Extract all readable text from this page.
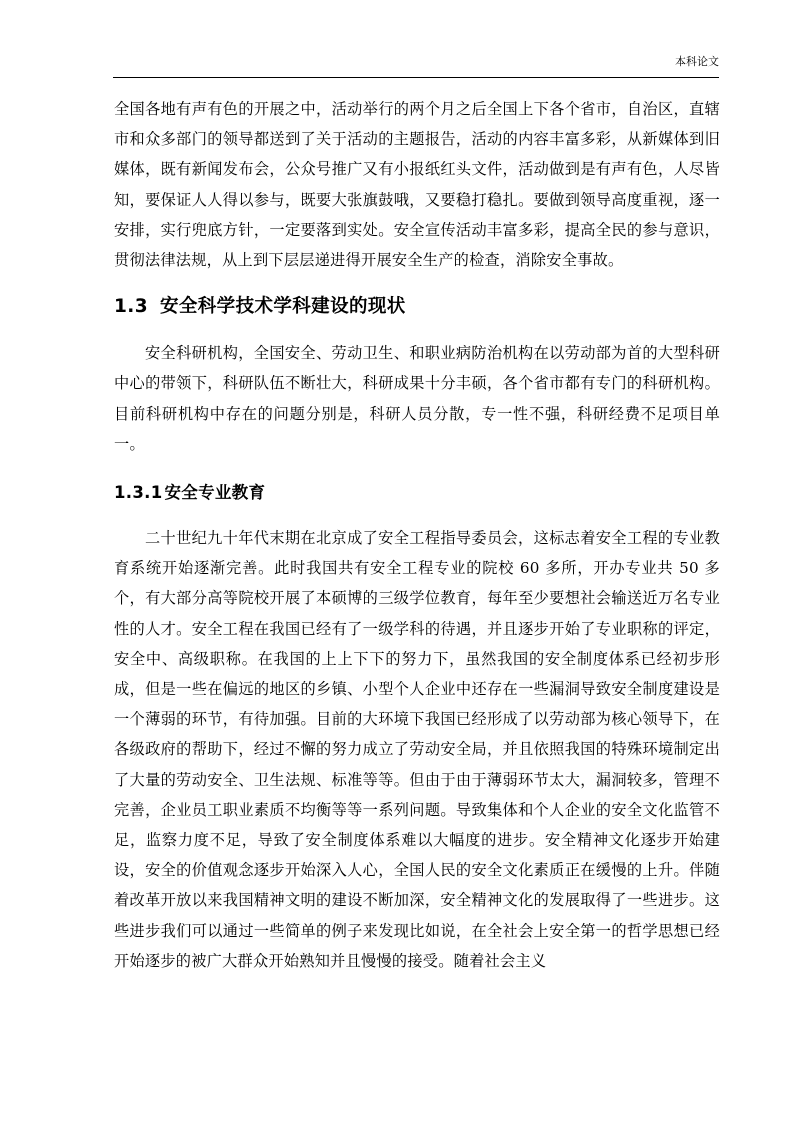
本科论文

全国各地有声有色的开展之中，活动举行的两个月之后全国上下各个省市，自治区，直辖市和众多部门的领导都送到了关于活动的主题报告，活动的内容丰富多彩，从新媒体到旧媒体，既有新闻发布会，公众号推广又有小报纸红头文件，活动做到是有声有色，人尽皆知，要保证人人得以参与，既要大张旗鼓哦，又要稳打稳扎。要做到领导高度重视，逐一安排，实行兜底方针，一定要落到实处。安全宣传活动丰富多彩，提高全民的参与意识，贯彻法律法规，从上到下层层递进得开展安全生产的检查，消除安全事故。

1.3 安全科学技术学科建设的现状

安全科研机构，全国安全、劳动卫生、和职业病防治机构在以劳动部为首的大型科研中心的带领下，科研队伍不断壮大，科研成果十分丰硕，各个省市都有专门的科研机构。目前科研机构中存在的问题分别是，科研人员分散，专一性不强，科研经费不足项目单一。

1.3.1 安全专业教育

二十世纪九十年代末期在北京成了安全工程指导委员会，这标志着安全工程的专业教育系统开始逐渐完善。此时我国共有安全工程专业的院校 60 多所，开办专业共 50 多个，有大部分高等院校开展了本硕博的三级学位教育，每年至少要想社会输送近万名专业性的人才。安全工程在我国已经有了一级学科的待遇，并且逐步开始了专业职称的评定，安全中、高级职称。在我国的上上下下的努力下，虽然我国的安全制度体系已经初步形成，但是一些在偏远的地区的乡镇、小型个人企业中还存在一些漏洞导致安全制度建设是一个薄弱的环节，有待加强。目前的大环境下我国已经形成了以劳动部为核心领导下，在各级政府的帮助下，经过不懈的努力成立了劳动安全局，并且依照我国的特殊环境制定出了大量的劳动安全、卫生法规、标准等等。但由于由于薄弱环节太大，漏洞较多，管理不完善，企业员工职业素质不均衡等等一系列问题。导致集体和个人企业的安全文化监管不足，监察力度不足，导致了安全制度体系难以大幅度的进步。安全精神文化逐步开始建设，安全的价值观念逐步开始深入人心，全国人民的安全文化素质正在缓慢的上升。伴随着改革开放以来我国精神文明的建设不断加深，安全精神文化的发展取得了一些进步。这些进步我们可以通过一些简单的例子来发现比如说，在全社会上安全第一的哲学思想已经开始逐步的被广大群众开始熟知并且慢慢的接受。随着社会主义
